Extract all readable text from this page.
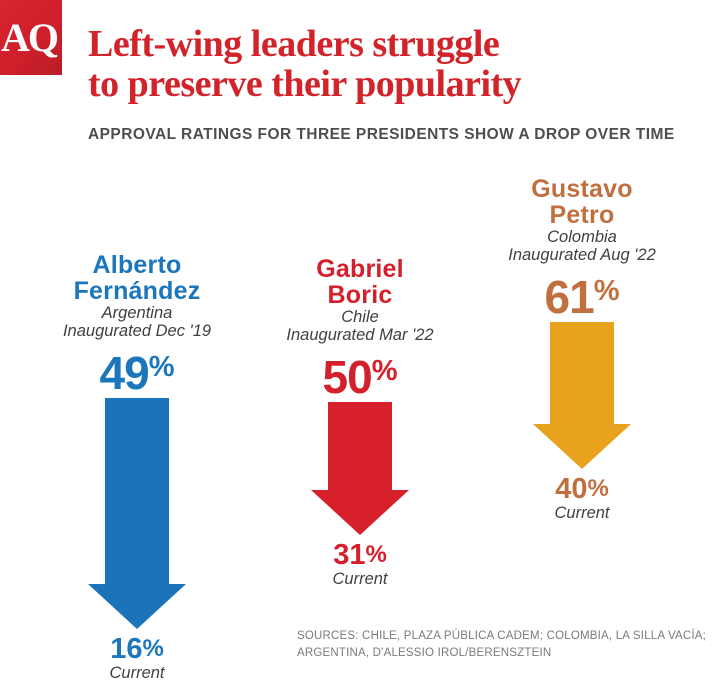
AQ Left-wing leaders struggle
to preserve their popularity
APPROVAL RATINGS FOR THREE PRESIDENTS SHOW A DROP OVER TIME
Alberto
Fernández
Argentina
Inaugurated Dec '19
49%
16%
Current
Gabriel
Boric
Chile
Inaugurated Mar '22
50%
31%
Current
Gustavo
Petro
Colombia
Inaugurated Aug '22
61%
40%
Current
SOURCES: CHILE, PLAZA PÚBLICA CADEM; COLOMBIA, LA SILLA VACÍA;
ARGENTINA, D'ALESSIO IROL/BERENSZTEIN
